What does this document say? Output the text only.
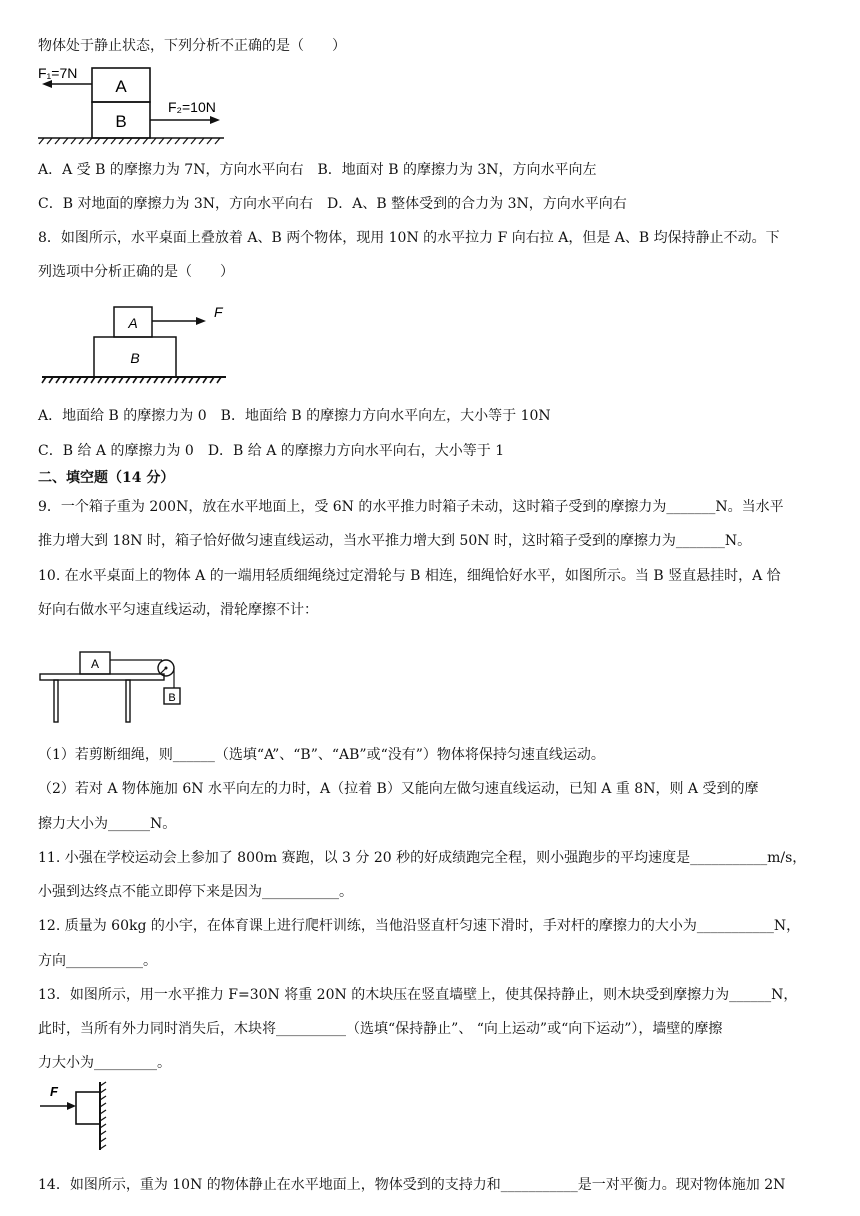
物体处于静止状态，下列分析不正确的是（　　）
A
B
F₁=7N
F₂=10N
A．A 受 B 的摩擦力为 7N，方向水平向右　B．地面对 B 的摩擦力为 3N，方向水平向左
C．B 对地面的摩擦力为 3N，方向水平向右　D．A、B 整体受到的合力为 3N，方向水平向右
8．如图所示，水平桌面上叠放着 A、B 两个物体，现用 10N 的水平拉力 F 向右拉 A，但是 A、B 均保持静止不动。下
列选项中分析正确的是（　　）
A
B
F
A．地面给 B 的摩擦力为 0　B．地面给 B 的摩擦力方向水平向左，大小等于 10N
C．B 给 A 的摩擦力为 0　D．B 给 A 的摩擦力方向水平向右，大小等于 1
二、填空题（14 分）
9．一个箱子重为 200N，放在水平地面上，受 6N 的水平推力时箱子未动，这时箱子受到的摩擦力为_______N。当水平
推力增大到 18N 时，箱子恰好做匀速直线运动，当水平推力增大到 50N 时，这时箱子受到的摩擦力为_______N。
10. 在水平桌面上的物体 A 的一端用轻质细绳绕过定滑轮与 B 相连，细绳恰好水平，如图所示。当 B 竖直悬挂时，A 恰
好向右做水平匀速直线运动，滑轮摩擦不计：
A
B
（1）若剪断细绳，则______（选填“A”、“B”、“AB”或“没有”）物体将保持匀速直线运动。
（2）若对 A 物体施加 6N 水平向左的力时，A（拉着 B）又能向左做匀速直线运动，已知 A 重 8N，则 A 受到的摩
擦力大小为______N。
11. 小强在学校运动会上参加了 800m 赛跑，以 3 分 20 秒的好成绩跑完全程，则小强跑步的平均速度是___________m/s，
小强到达终点不能立即停下来是因为___________。
12. 质量为 60kg 的小宇，在体育课上进行爬杆训练，当他沿竖直杆匀速下滑时，手对杆的摩擦力的大小为___________N，
方向___________。
13．如图所示，用一水平推力 F=30N 将重 20N 的木块压在竖直墙壁上，使其保持静止，则木块受到摩擦力为______N，
此时，当所有外力同时消失后，木块将__________（选填“保持静止”、 “向上运动”或“向下运动”），墙壁的摩擦
力大小为_________。
F
14．如图所示，重为 10N 的物体静止在水平地面上，物体受到的支持力和___________是一对平衡力。现对物体施加 2N
